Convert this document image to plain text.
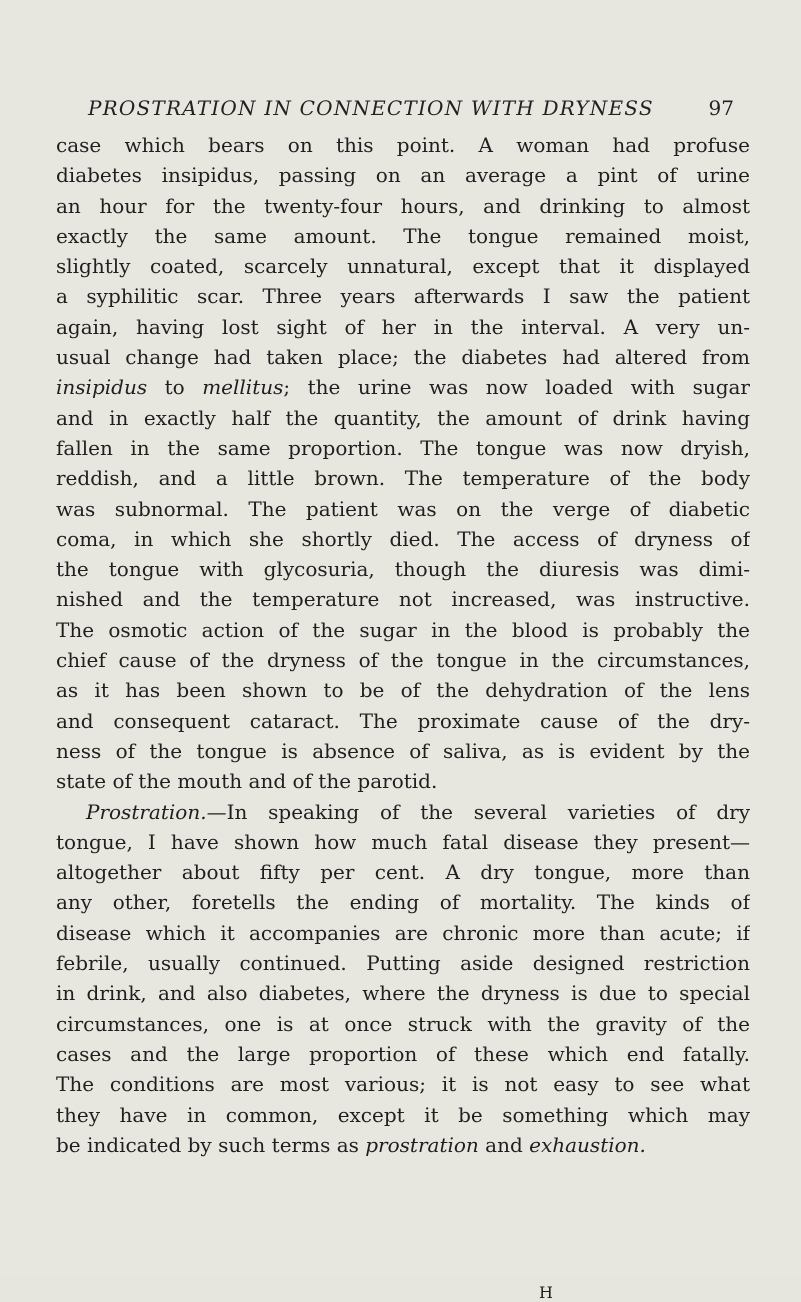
PROSTRATION IN CONNECTION WITH DRYNESS	97
case which bears on this point. A woman had profuse
diabetes insipidus, passing on an average a pint of urine
an hour for the twenty-four hours, and drinking to almost
exactly the same amount. The tongue remained moist,
slightly coated, scarcely unnatural, except that it displayed
a syphilitic scar. Three years afterwards I saw the patient
again, having lost sight of her in the interval. A very un-
usual change had taken place; the diabetes had altered from
insipidus to mellitus; the urine was now loaded with sugar
and in exactly half the quantity, the amount of drink having
fallen in the same proportion. The tongue was now dryish,
reddish, and a little brown. The temperature of the body
was subnormal. The patient was on the verge of diabetic
coma, in which she shortly died. The access of dryness of
the tongue with glycosuria, though the diuresis was dimi-
nished and the temperature not increased, was instructive.
The osmotic action of the sugar in the blood is probably the
chief cause of the dryness of the tongue in the circumstances,
as it has been shown to be of the dehydration of the lens
and consequent cataract. The proximate cause of the dry-
ness of the tongue is absence of saliva, as is evident by the
state of the mouth and of the parotid.
Prostration.—In speaking of the several varieties of dry
tongue, I have shown how much fatal disease they present—
altogether about fifty per cent. A dry tongue, more than
any other, foretells the ending of mortality. The kinds of
disease which it accompanies are chronic more than acute; if
febrile, usually continued. Putting aside designed restriction
in drink, and also diabetes, where the dryness is due to special
circumstances, one is at once struck with the gravity of the
cases and the large proportion of these which end fatally.
The conditions are most various; it is not easy to see what
they have in common, except it be something which may
be indicated by such terms as prostration and exhaustion.
H
